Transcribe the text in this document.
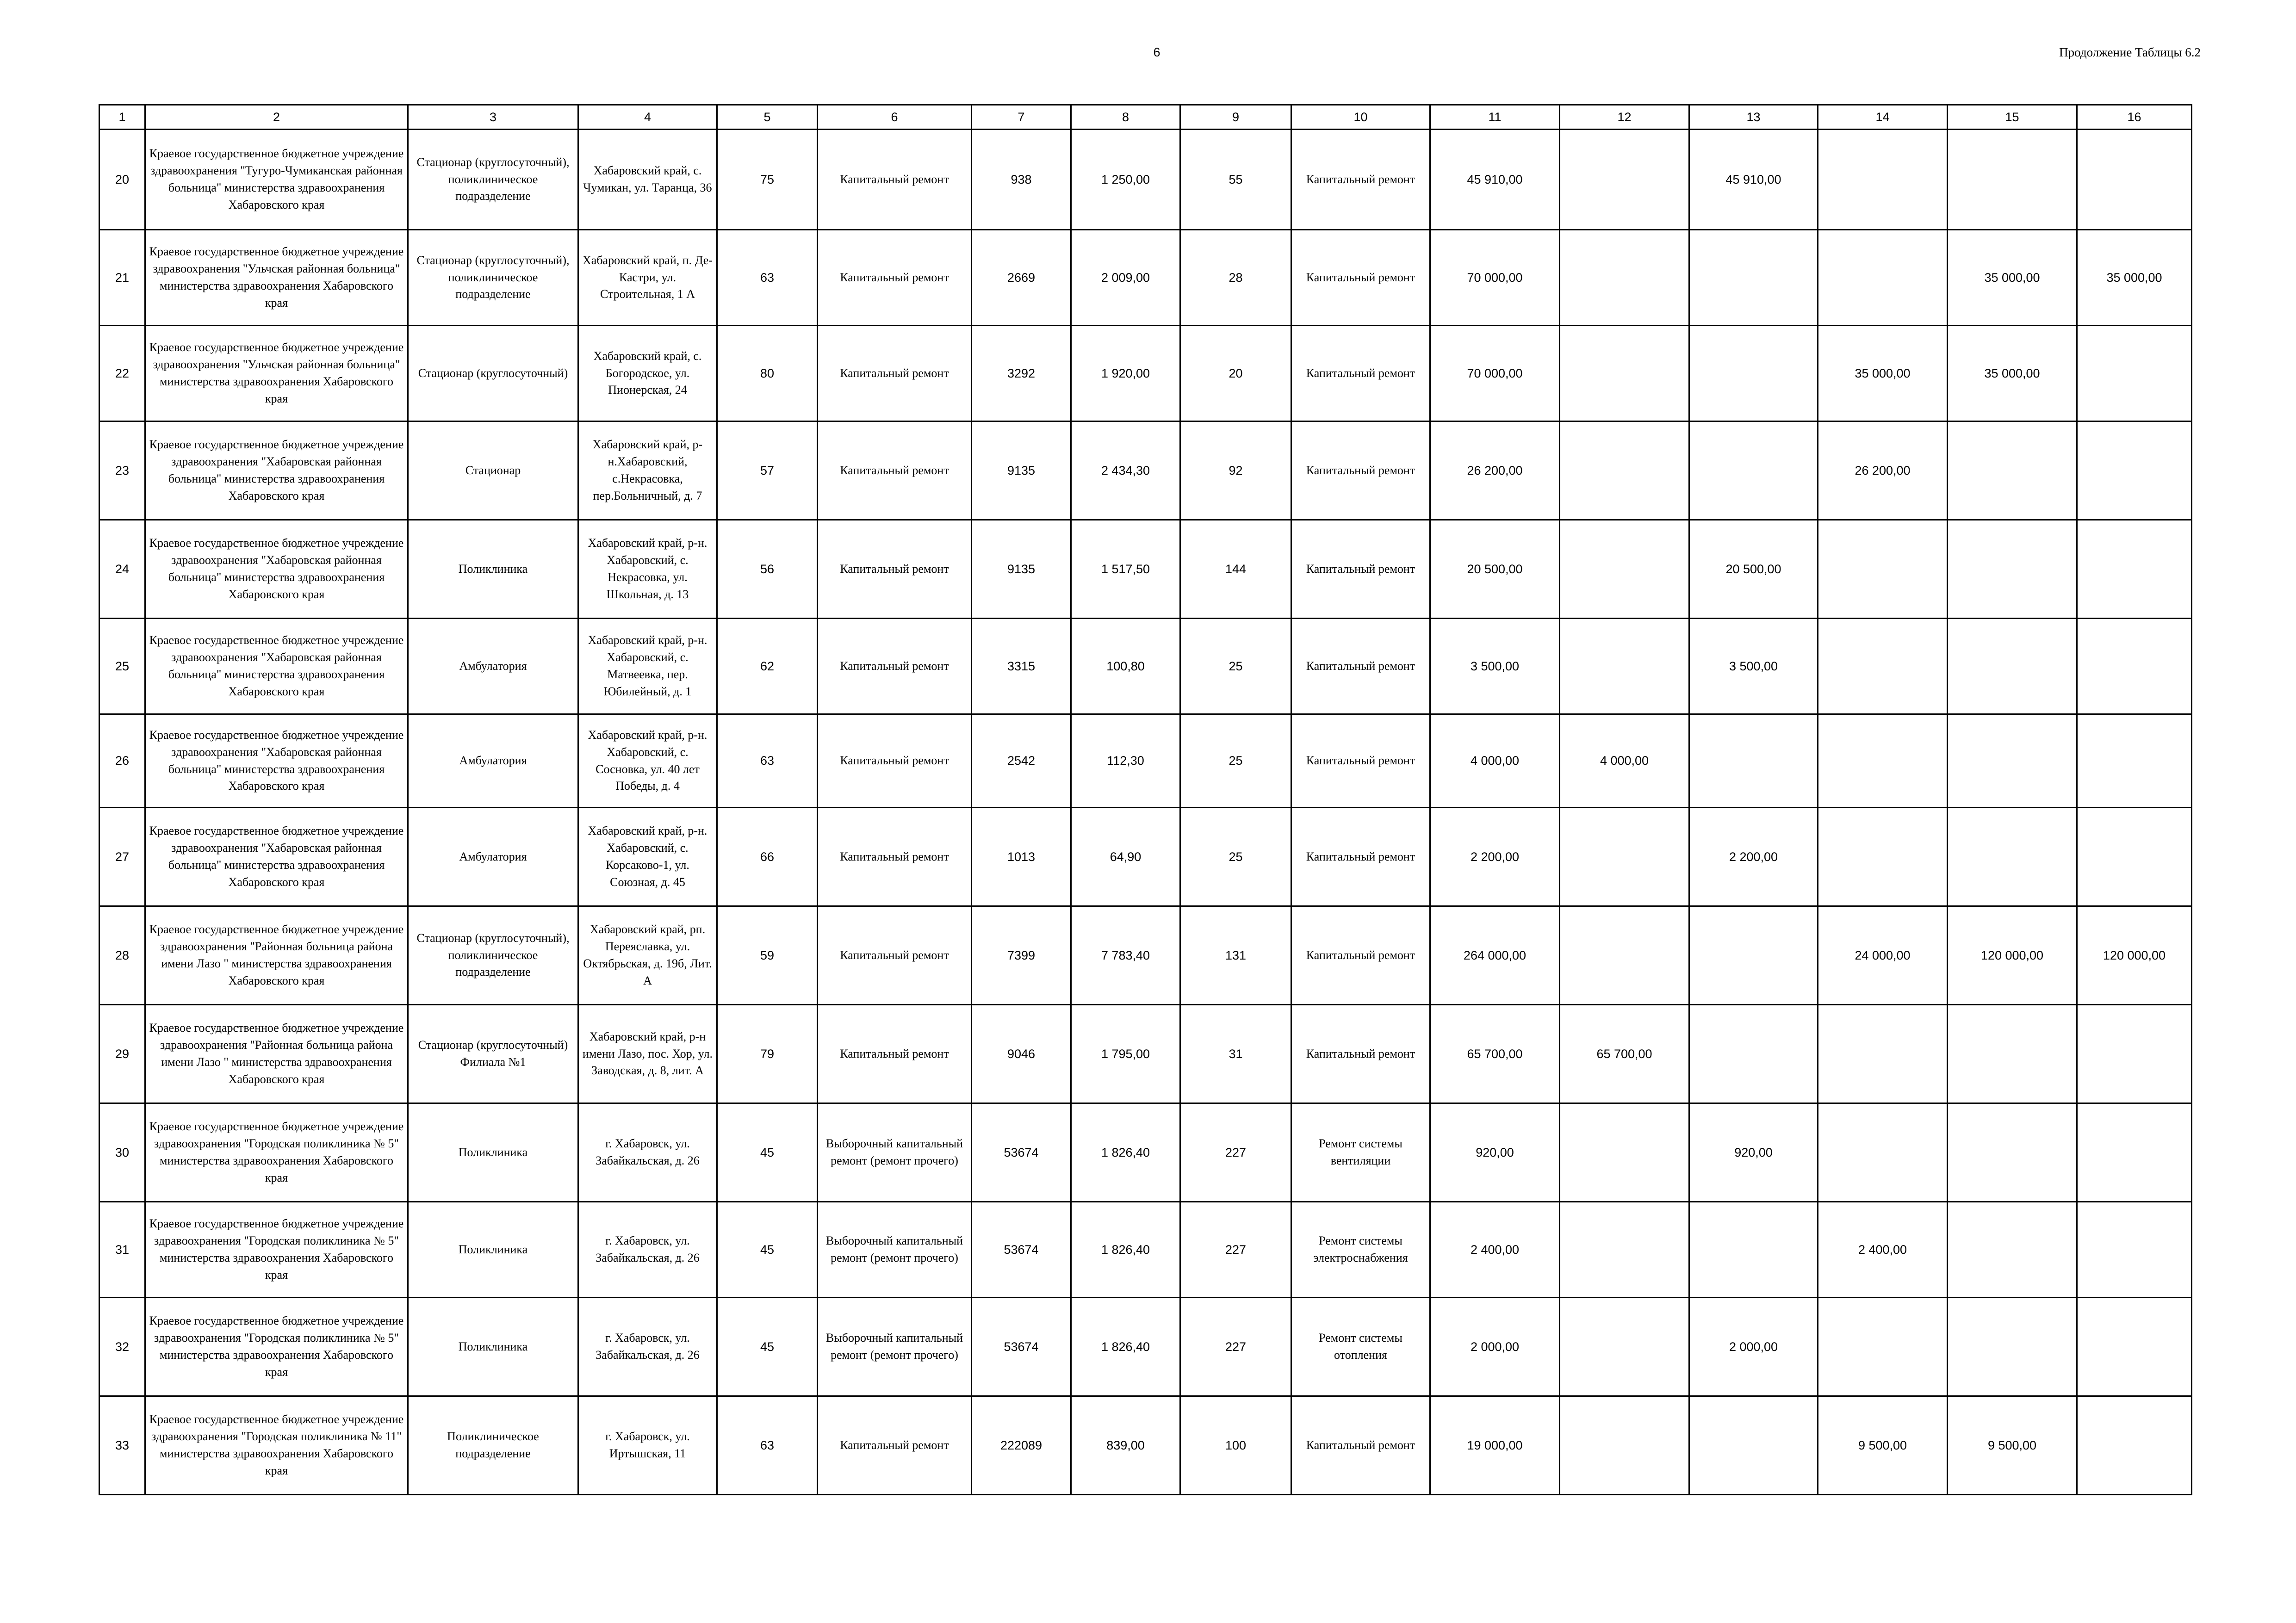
6	Продолжение Таблицы 6.2
1	2	3	4	5	6	7	8	9	10	11	12	13	14	15	16
20	Краевое государственное бюджетное учреждение здравоохранения "Тугуро-Чумиканская районная больница" министерства здравоохранения Хабаровского края	Стационар (круглосуточный), поликлиническое подразделение	Хабаровский край, с. Чумикан, ул. Таранца, 36	75	Капитальный ремонт	938	1 250,00	55	Капитальный ремонт	45 910,00		45 910,00			
21	Краевое государственное бюджетное учреждение здравоохранения "Ульчская районная больница" министерства здравоохранения Хабаровского края	Стационар (круглосуточный), поликлиническое подразделение	Хабаровский край, п. Де-Кастри, ул. Строительная, 1 А	63	Капитальный ремонт	2669	2 009,00	28	Капитальный ремонт	70 000,00				35 000,00	35 000,00
22	Краевое государственное бюджетное учреждение здравоохранения "Ульчская районная больница" министерства здравоохранения Хабаровского края	Стационар (круглосуточный)	Хабаровский край, с. Богородское, ул. Пионерская, 24	80	Капитальный ремонт	3292	1 920,00	20	Капитальный ремонт	70 000,00			35 000,00	35 000,00	
23	Краевое государственное бюджетное учреждение здравоохранения "Хабаровская районная больница" министерства здравоохранения Хабаровского края	Стационар	Хабаровский край, р-н.Хабаровский, с.Некрасовка, пер.Больничный, д. 7	57	Капитальный ремонт	9135	2 434,30	92	Капитальный ремонт	26 200,00			26 200,00		
24	Краевое государственное бюджетное учреждение здравоохранения "Хабаровская районная больница" министерства здравоохранения Хабаровского края	Поликлиника	Хабаровский край, р-н. Хабаровский, с. Некрасовка, ул. Школьная, д. 13	56	Капитальный ремонт	9135	1 517,50	144	Капитальный ремонт	20 500,00		20 500,00			
25	Краевое государственное бюджетное учреждение здравоохранения "Хабаровская районная больница" министерства здравоохранения Хабаровского края	Амбулатория	Хабаровский край, р-н. Хабаровский, с. Матвеевка, пер. Юбилейный, д. 1	62	Капитальный ремонт	3315	100,80	25	Капитальный ремонт	3 500,00		3 500,00			
26	Краевое государственное бюджетное учреждение здравоохранения "Хабаровская районная больница" министерства здравоохранения Хабаровского края	Амбулатория	Хабаровский край, р-н. Хабаровский, с. Сосновка, ул. 40 лет Победы, д. 4	63	Капитальный ремонт	2542	112,30	25	Капитальный ремонт	4 000,00	4 000,00				
27	Краевое государственное бюджетное учреждение здравоохранения "Хабаровская районная больница" министерства здравоохранения Хабаровского края	Амбулатория	Хабаровский край, р-н. Хабаровский, с. Корсаково-1, ул. Союзная, д. 45	66	Капитальный ремонт	1013	64,90	25	Капитальный ремонт	2 200,00		2 200,00			
28	Краевое государственное бюджетное учреждение здравоохранения "Районная больница района имени Лазо " министерства здравоохранения Хабаровского края	Стационар (круглосуточный), поликлиническое подразделение	Хабаровский край, рп. Переяславка, ул. Октябрьская, д. 19б, Лит. А	59	Капитальный ремонт	7399	7 783,40	131	Капитальный ремонт	264 000,00			24 000,00	120 000,00	120 000,00
29	Краевое государственное бюджетное учреждение здравоохранения "Районная больница района имени Лазо " министерства здравоохранения Хабаровского края	Стационар (круглосуточный) Филиала №1	Хабаровский край, р-н имени Лазо, пос. Хор, ул. Заводская, д. 8, лит. А	79	Капитальный ремонт	9046	1 795,00	31	Капитальный ремонт	65 700,00	65 700,00				
30	Краевое государственное бюджетное учреждение здравоохранения "Городская поликлиника № 5" министерства здравоохранения Хабаровского края	Поликлиника	г. Хабаровск, ул. Забайкальская, д. 26	45	Выборочный капитальный ремонт (ремонт прочего)	53674	1 826,40	227	Ремонт системы вентиляции	920,00		920,00			
31	Краевое государственное бюджетное учреждение здравоохранения "Городская поликлиника № 5" министерства здравоохранения Хабаровского края	Поликлиника	г. Хабаровск, ул. Забайкальская, д. 26	45	Выборочный капитальный ремонт (ремонт прочего)	53674	1 826,40	227	Ремонт системы электроснабжения	2 400,00			2 400,00		
32	Краевое государственное бюджетное учреждение здравоохранения "Городская поликлиника № 5" министерства здравоохранения Хабаровского края	Поликлиника	г. Хабаровск, ул. Забайкальская, д. 26	45	Выборочный капитальный ремонт (ремонт прочего)	53674	1 826,40	227	Ремонт системы отопления	2 000,00		2 000,00			
33	Краевое государственное бюджетное учреждение здравоохранения "Городская поликлиника № 11" министерства здравоохранения Хабаровского края	Поликлиническое подразделение	г. Хабаровск, ул. Иртышская, 11	63	Капитальный ремонт	222089	839,00	100	Капитальный ремонт	19 000,00			9 500,00	9 500,00	
